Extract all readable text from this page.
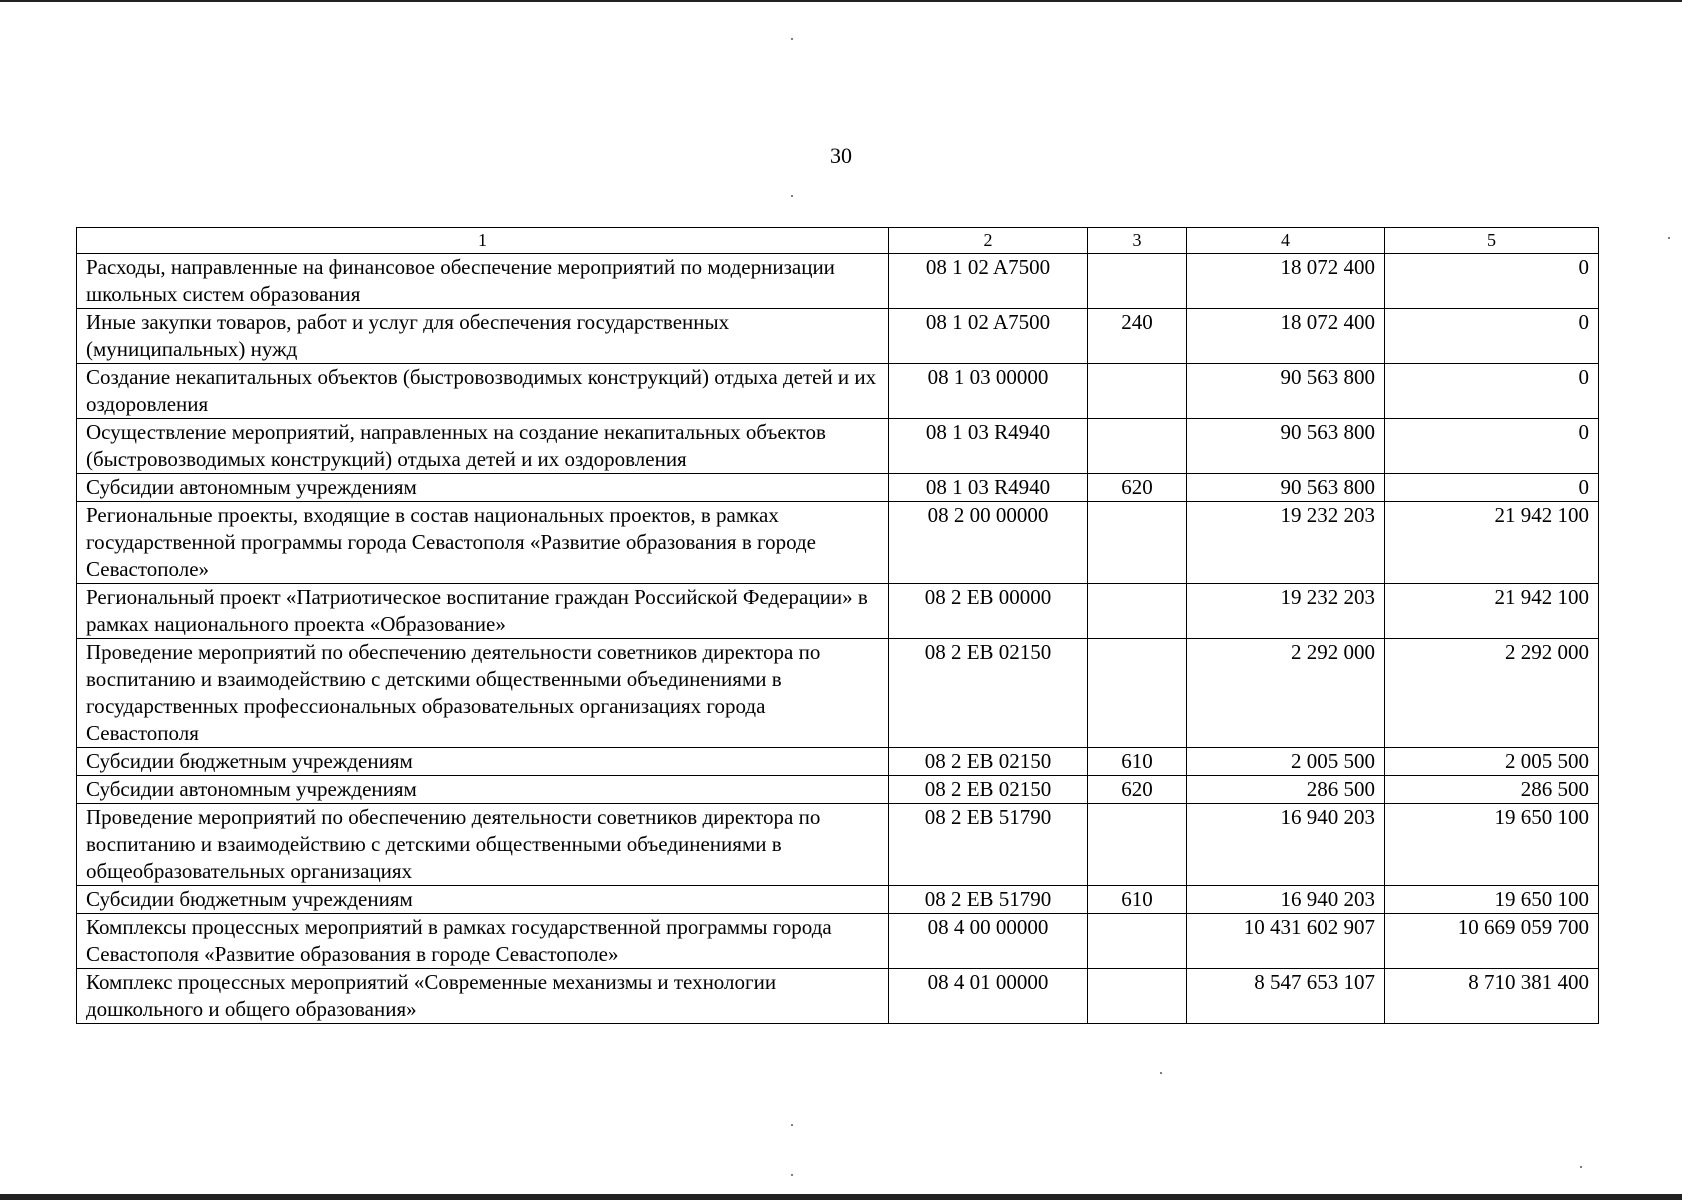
30
1	2	3	4	5
Расходы, направленные на финансовое обеспечение мероприятий по модернизации школьных систем образования	08 1 02 A7500		18 072 400	0
Иные закупки товаров, работ и услуг для обеспечения государственных (муниципальных) нужд	08 1 02 A7500	240	18 072 400	0
Создание некапитальных объектов (быстровозводимых конструкций) отдыха детей и их оздоровления	08 1 03 00000		90 563 800	0
Осуществление мероприятий, направленных на создание некапитальных объектов (быстровозводимых конструкций) отдыха детей и их оздоровления	08 1 03 R4940		90 563 800	0
Субсидии автономным учреждениям	08 1 03 R4940	620	90 563 800	0
Региональные проекты, входящие в состав национальных проектов, в рамках государственной программы города Севастополя «Развитие образования в городе Севастополе»	08 2 00 00000		19 232 203	21 942 100
Региональный проект «Патриотическое воспитание граждан Российской Федерации» в рамках национального проекта «Образование»	08 2 EB 00000		19 232 203	21 942 100
Проведение мероприятий по обеспечению деятельности советников директора по воспитанию и взаимодействию с детскими общественными объединениями в государственных профессиональных образовательных организациях города Севастополя	08 2 EB 02150		2 292 000	2 292 000
Субсидии бюджетным учреждениям	08 2 EB 02150	610	2 005 500	2 005 500
Субсидии автономным учреждениям	08 2 EB 02150	620	286 500	286 500
Проведение мероприятий по обеспечению деятельности советников директора по воспитанию и взаимодействию с детскими общественными объединениями в общеобразовательных организациях	08 2 EB 51790		16 940 203	19 650 100
Субсидии бюджетным учреждениям	08 2 EB 51790	610	16 940 203	19 650 100
Комплексы процессных мероприятий в рамках государственной программы города Севастополя «Развитие образования в городе Севастополе»	08 4 00 00000		10 431 602 907	10 669 059 700
Комплекс процессных мероприятий «Современные механизмы и технологии дошкольного и общего образования»	08 4 01 00000		8 547 653 107	8 710 381 400
